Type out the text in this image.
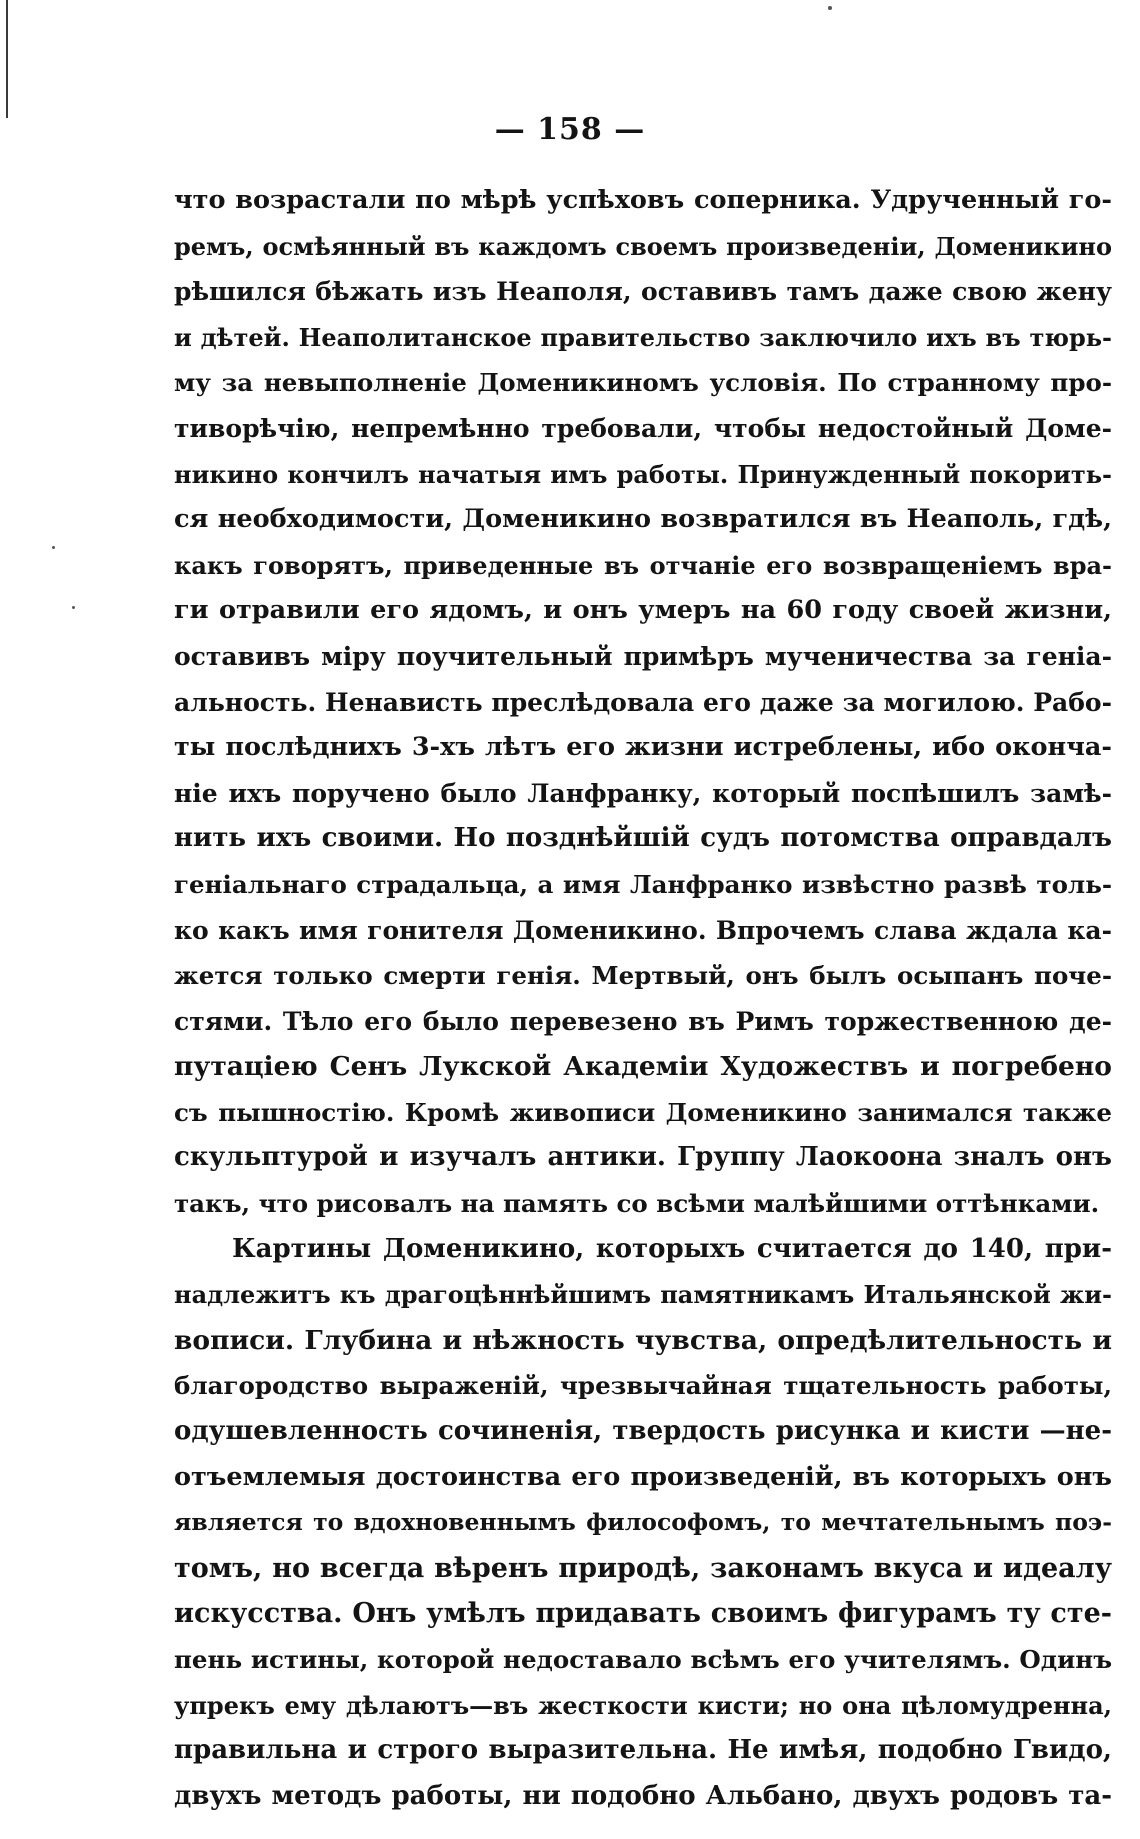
— 158 —
что возрастали по мѣрѣ успѣховъ соперника. Удрученный го-
ремъ, осмѣянный въ каждомъ своемъ произведеніи, Доменикино
рѣшился бѣжать изъ Неаполя, оставивъ тамъ даже свою жену
и дѣтей. Неаполитанское правительство заключило ихъ въ тюрь-
му за невыполненіе Доменикиномъ условія. По странному про-
тиворѣчію, непремѣнно требовали, чтобы недостойный Доме-
никино кончилъ начатыя имъ работы. Принужденный покорить-
ся необходимости, Доменикино возвратился въ Неаполь, гдѣ,
какъ говорятъ, приведенные въ отчаніе его возвращеніемъ вра-
ги отравили его ядомъ, и онъ умеръ на 60 году своей жизни,
оставивъ міру поучительный примѣръ мученичества за геніа-
альность. Ненависть преслѣдовала его даже за могилою. Рабо-
ты послѣднихъ 3-хъ лѣтъ его жизни истреблены, ибо оконча-
ніе ихъ поручено было Ланфранку, который поспѣшилъ замѣ-
нить ихъ своими. Но позднѣйшій судъ потомства оправдалъ
геніальнаго страдальца, а имя Ланфранко извѣстно развѣ толь-
ко какъ имя гонителя Доменикино. Впрочемъ слава ждала ка-
жется только смерти генія. Мертвый, онъ былъ осыпанъ поче-
стями. Тѣло его было перевезено въ Римъ торжественною де-
путаціею Сенъ Лукской Академіи Художествъ и погребено
съ пышностію. Кромѣ живописи Доменикино занимался также
скульптурой и изучалъ антики. Группу Лаокоона зналъ онъ
такъ, что рисовалъ на память со всѣми малѣйшими оттѣнками.
Картины Доменикино, которыхъ считается до 140, при-
надлежитъ къ драгоцѣннѣйшимъ памятникамъ Итальянской жи-
вописи. Глубина и нѣжность чувства, опредѣлительность и
благородство выраженій, чрезвычайная тщательность работы,
одушевленность сочиненія, твердость рисунка и кисти —не-
отъемлемыя достоинства его произведеній, въ которыхъ онъ
является то вдохновеннымъ философомъ, то мечтательнымъ поэ-
томъ, но всегда вѣренъ природѣ, законамъ вкуса и идеалу
искусства. Онъ умѣлъ придавать своимъ фигурамъ ту сте-
пень истины, которой недоставало всѣмъ его учителямъ. Одинъ
упрекъ ему дѣлаютъ—въ жесткости кисти; но она цѣломудренна,
правильна и строго выразительна. Не имѣя, подобно Гвидо,
двухъ методъ работы, ни подобно Альбано, двухъ родовъ та-
